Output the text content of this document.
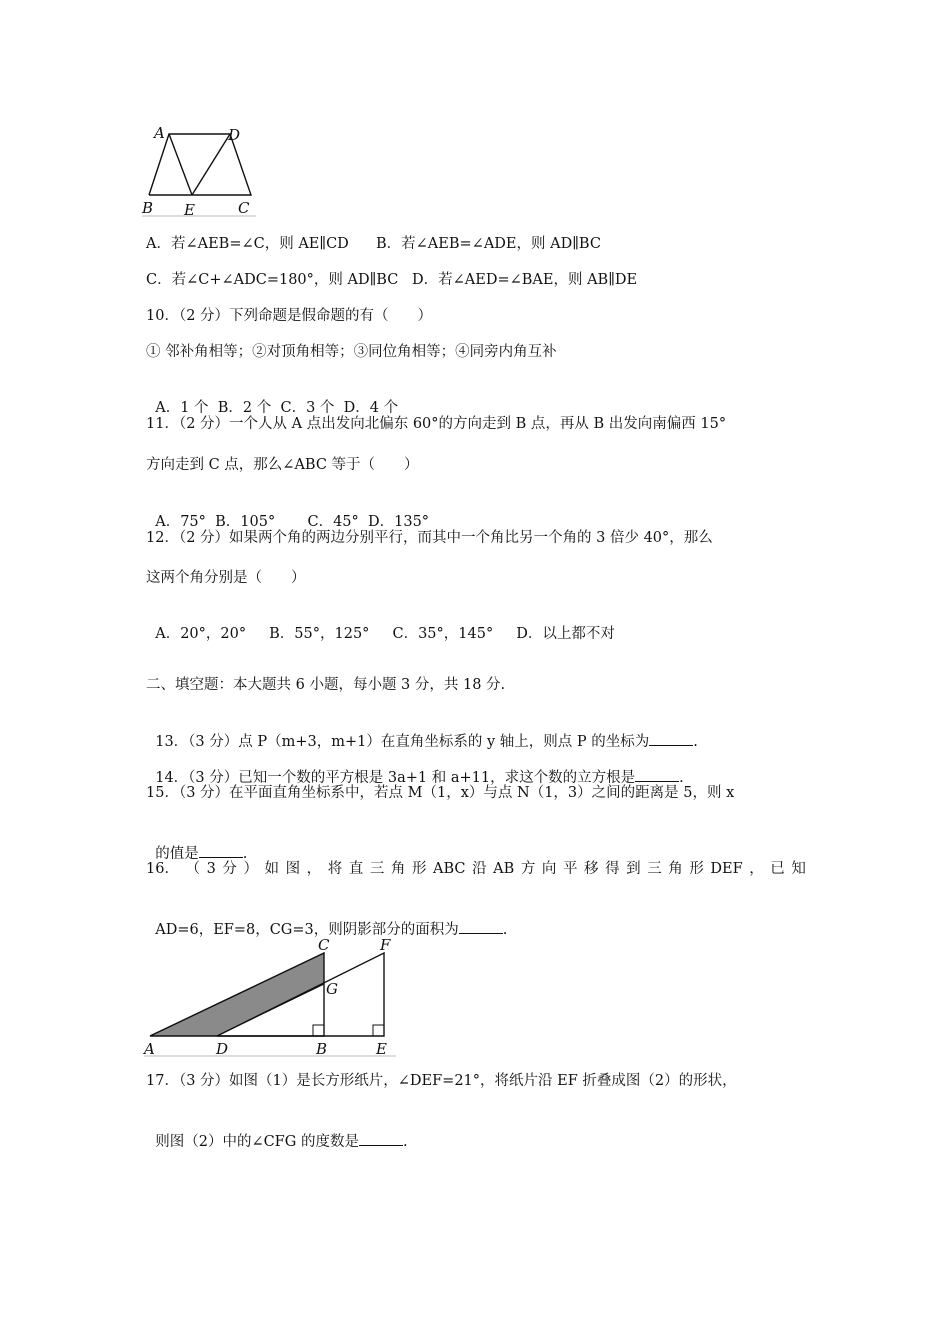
A	D
B E	C
A．若∠AEB=∠C，则 AE∥CD B．若∠AEB=∠ADE，则 AD∥BC
C．若∠C+∠ADC=180°，则 AD∥BC D．若∠AED=∠BAE，则 AB∥DE
10．（2 分）下列命题是假命题的有（　　）
① 邻补角相等；②对顶角相等；③同位角相等；④同旁内角互补

A．1 个 B．2 个 C．3 个 D．4 个

11．（2 分）一个人从 A 点出发向北偏东 60°的方向走到 B 点，再从 B 出发向南偏西 15°
方向走到 C 点，那么∠ABC 等于（　　）

A．75° B．105° C．45° D．135°

12．（2 分）如果两个角的两边分别平行，而其中一个角比另一个角的 3 倍少 40°，那么
这两个角分别是（　　）

A．20°，20° B．55°，125° C．35°，145° D．以上都不对

二、填空题：本大题共 6 小题，每小题 3 分，共 18 分.

13．（3 分）点 P（m+3，m+1）在直角坐标系的 y 轴上，则点 P 的坐标为	.

14．（3 分）已知一个数的平方根是 3a+1 和 a+11，求这个数的立方根是	.

15．（3 分）在平面直角坐标系中，若点 M（1，x）与点 N（1，3）之间的距离是 5，则 x

的值是	.

16． （ 3 分 ） 如 图 ， 将 直 三 角 形 ABC 沿 AB 方 向 平 移 得 到 三 角 形 DEF ， 已 知

AD=6，EF=8，CG=3，则阴影部分的面积为	.

C	F
G
A	D	B	E
17．（3 分）如图（1）是长方形纸片，∠DEF=21°，将纸片沿 EF 折叠成图（2）的形状，

则图（2）中的∠CFG 的度数是	.
